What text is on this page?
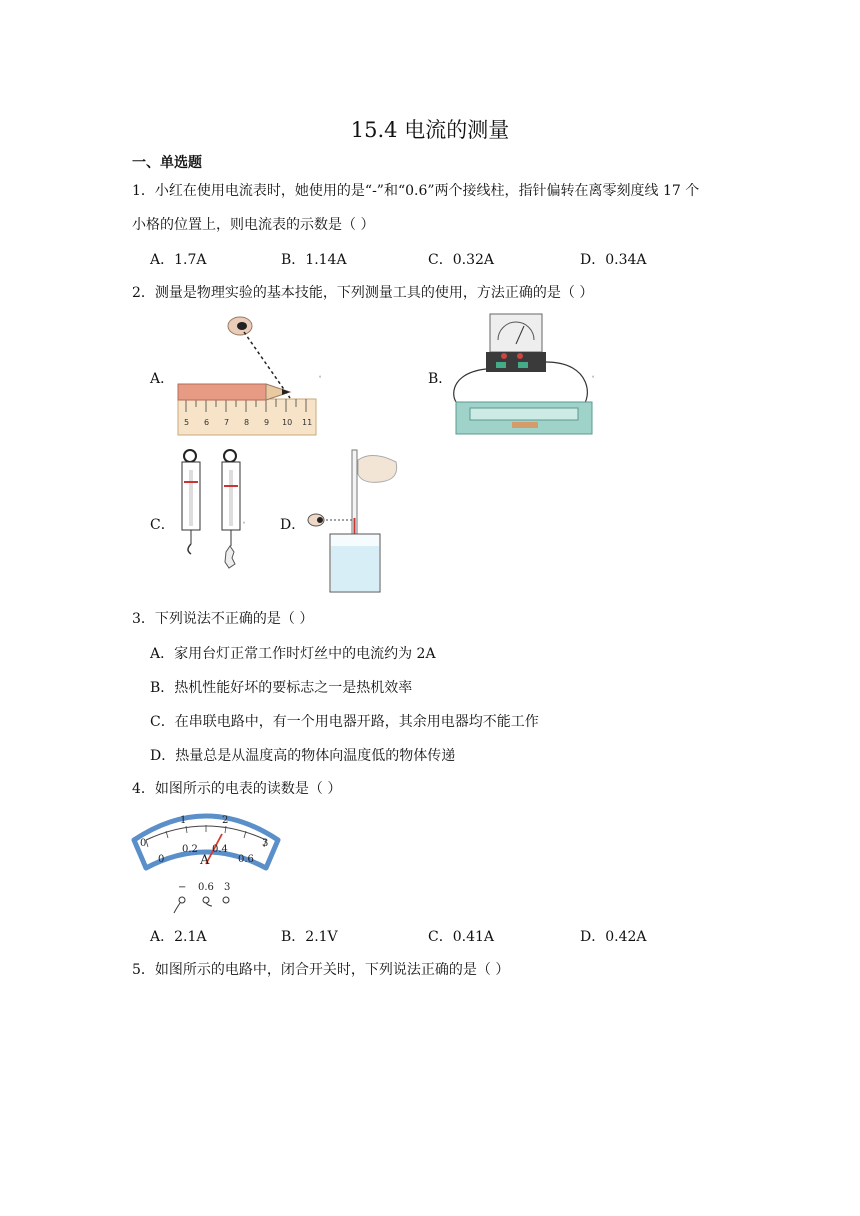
15.4 电流的测量
一、单选题
1．小红在使用电流表时，她使用的是“-”和“0.6”两个接线柱，指针偏转在离零刻度线 17 个
小格的位置上，则电流表的示数是（ ）
A．1.7A	B．1.14A	C．0.32A	D．0.34A
2．测量是物理实验的基本技能，下列测量工具的使用，方法正确的是（ ）
A．	B．
C．	D．
5 6 7 8 9 10 11
。	。
。
3．下列说法不正确的是（ ）
A．家用台灯正常工作时灯丝中的电流约为 2A
B．热机性能好坏的要标志之一是热机效率
C．在串联电路中，有一个用电器开路，其余用电器均不能工作
D．热量总是从温度高的物体向温度低的物体传递
4．如图所示的电表的读数是（ ）
0
1	2
3
0
0.2 0.4
0.6
A
− 0.6 3
A．2.1A	B．2.1V	C．0.41A	D．0.42A
5．如图所示的电路中，闭合开关时，下列说法正确的是（ ）
